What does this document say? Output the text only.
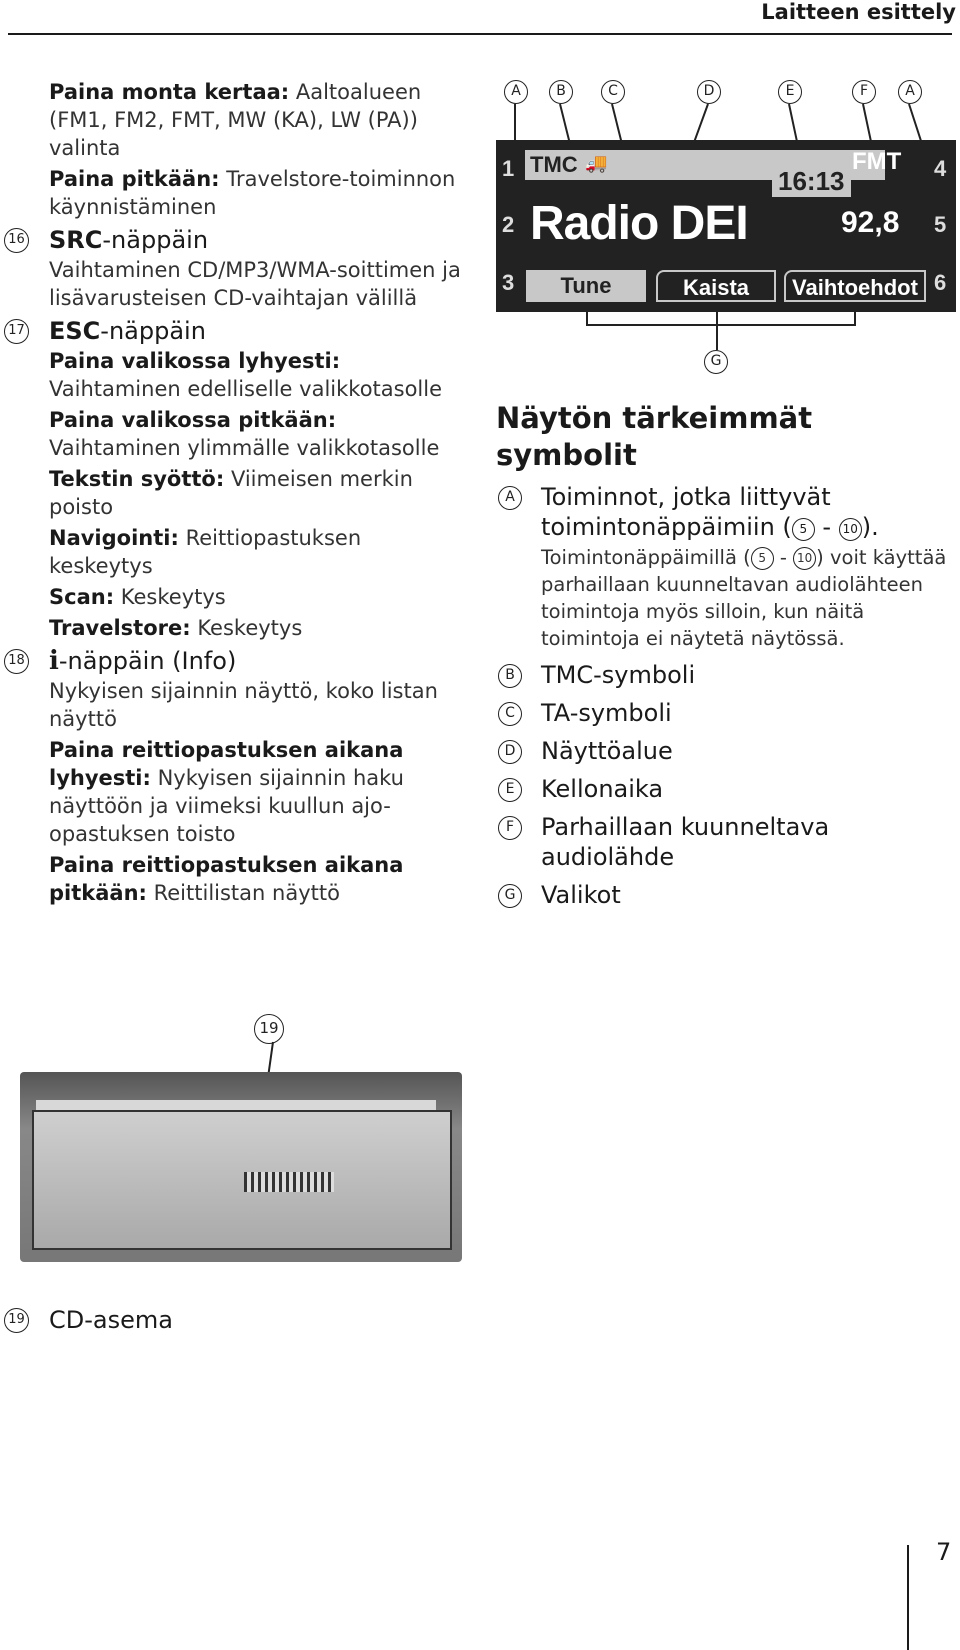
Laitteen esittely
Paina monta kertaa: Aaltoalueen (FM1, FM2, FMT, MW (KA), LW (PA)) valinta
Paina pitkään: Travelstore-toiminnon käynnistäminen
16 SRC-näppäin
Vaihtaminen CD/MP3/WMA-soittimen ja lisävarusteisen CD-vaihtajan välillä
17 ESC-näppäin
Paina valikossa lyhyesti: Vaihtaminen edelliselle valikkotasolle
Paina valikossa pitkään: Vaihtaminen ylimmälle valikkotasolle
Tekstin syöttö: Viimeisen merkin poisto
Navigointi: Reittiopastuksen keskeytys
Scan: Keskeytys
Travelstore: Keskeytys
18 i-näppäin (Info)
Nykyisen sijainnin näyttö, koko listan näyttö
Paina reittiopastuksen aikana lyhyesti: Nykyisen sijainnin haku näyttöön ja viimeksi kuullun ajo-opastuksen toisto
Paina reittiopastuksen aikana pitkään: Reittilistan näyttö
A	B	C	D	E	F	A
TMC 🚚
16:13
FMT
1
2
3
4
5
6
Radio DEI	92,8
Tune	Kaista	Vaihtoehdot
G
Näytön tärkeimmät symbolit
A	Toiminnot, jotka liittyvät toimintonäppäimiin ( 5 - 10 ).
Toimintonäppäimillä ( 5 - 10 ) voit käyttää parhaillaan kuunneltavan audiolähteen toimintoja myös silloin, kun näitä toimintoja ei näytetä näytössä.
B	TMC-symboli
C TA-symboli
D Näyttöalue
E	Kellonaika
F	Parhaillaan kuunneltava audiolähde
G Valikot
19
19 CD-asema
7
